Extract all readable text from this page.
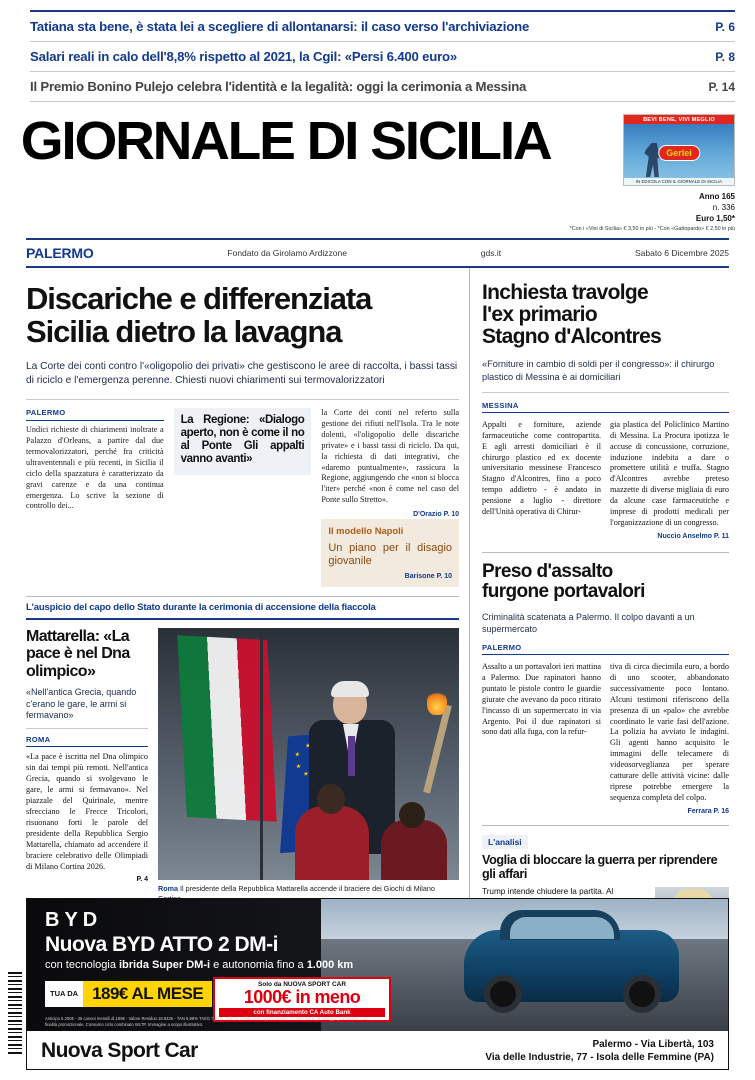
Tatiana sta bene, è stata lei a scegliere di allontanarsi: il caso verso l'archiviazione	P. 6
Salari reali in calo dell'8,8% rispetto al 2021, la Cgil: «Persi 6.400 euro»	P. 8
Il Premio Bonino Pulejo celebra l'identità e la legalità: oggi la cerimonia a Messina	P. 14
GIORNALE DI SICILIA	BEVI BENE, VIVI MEGLIO
Gerlei
IN EDICOLA CON IL GIORNALE DI SICILIA
Anno 165
n. 336
Euro 1,50*
*Con i «Vini di Sicilia» € 3,50 in più - *Con «Gattopardo» € 2,50 in più
PALERMO	Fondato da Girolamo Ardizzone	gds.it	Sabato 6 Dicembre 2025
Discariche e differenziata
Sicilia dietro la lavagna
La Corte dei conti contro l'«oligopolio dei privati» che gestiscono le aree di raccolta, i bassi tassi di riciclo e l'emergenza perenne. Chiesti nuovi chiarimenti sui termovalorizzatori
PALERMO
Undici richieste di chiarimenti inoltrate a Palazzo d'Orleans, a partire dal due termovalorizzatori, perché fra criticità ultraventennali e più recenti, in Sicilia il ciclo della spazzatura è caratterizzato da gravi carenze e da una continua emergenza. Lo scrive la sezione di controllo dei...
La Regione: «Dialogo aperto, non è come il no al Ponte Gli appalti vanno avanti»
la Corte dei conti nel referto sulla gestione dei rifiuti nell'Isola. Tra le note dolenti, «l'oligopolio delle discariche private» e i bassi tassi di riciclo. Da qui, la richiesta di dati integrativi, che «daremo puntualmente», rassicura la Regione, aggiungendo che «non si blocca l'iter» perché «non è come nel caso del Ponte sullo Stretto».
D'Orazio P. 10
Il modello Napoli
Un piano per il disagio giovanile
Barisone P. 10
L'auspicio del capo dello Stato durante la cerimonia di accensione della fiaccola
Mattarella: «La pace è nel Dna olimpico»
«Nell'antica Grecia, quando c'erano le gare, le armi si fermavano»
ROMA
«La pace è iscritta nel Dna olimpico sin dai tempi più remoti. Nell'antica Grecia, quando si svolgevano le gare, le armi si fermavano». Nel piazzale del Quirinale, mentre sfrecciano le Frecce Tricolori, risuonano forti le parole del presidente della Repubblica Sergio Mattarella, chiamato ad accendere il braciere celebrativo delle Olimpiadi di Milano Cortina 2026.
P. 4
Roma Il presidente della Repubblica Mattarella accende il braciere dei Giochi di Milano
Inchiesta travolge
l'ex primario
Stagno d'Alcontres
«Forniture in cambio di soldi per il congresso»: il chirurgo plastico di Messina è ai domiciliari
MESSINA
Appalti e forniture, aziende farmaceutiche come contropartita. E agli arresti domiciliari è il chirurgo plastico ed ex docente universitario messinese Francesco Stagno d'Alcontres, fino a poco tempo addietro - è andato in pensione a luglio - direttore dell'Unità operativa di Chirur-
gia plastica del Policlinico Martino di Messina. La Procura ipotizza le accuse di concussione, corruzione, induzione indebita a dare o promettere utilità e truffa. Stagno d'Alcontres avrebbe preteso mazzette di diverse migliaia di euro da alcune case farmaceutiche e imprese di prodotti medicali per l'organizzazione di un congresso.
Nuccio Anselmo P. 11
Preso d'assalto
furgone portavalori
Criminalità scatenata a Palermo. Il colpo davanti a un supermercato
PALERMO
Assalto a un portavalori ieri mattina a Palermo. Due rapinatori hanno puntato le pistole contro le guardie giurate che avevano da poco ritirato l'incasso di un supermercato in via Argento. Poi il due rapinatori si sono dati alla fuga, con la refur-
tiva di circa diecimila euro, a bordo di uno scooter, abbandonato successivamente poco lontano. Alcuni testimoni riferiscono della presenza di un «palo» che avrebbe coordinato le varie fasi dell'azione. La polizia ha avviato le indagini. Gli agenti hanno acquisito le immagini delle telecamere di videosorveglianza per sperare catturare delle attività vicine: dalle riprese potrebbe emergere la sequenza completa del colpo.
Ferrara P. 16
L'analisi
Voglia di bloccare la guerra per riprendere gli affari
Trump intende chiudere la partita. Al
BYD
Nuova BYD ATTO 2 DM-i
con tecnologia ibrida Super DM-i e autonomia fino a 1.000 km
TUA DA 189€ AL MESE	Solo da NUOVA SPORT CAR
1000€ in meno
con finanziamento CA Auto Bank
Anticipo 5.250€ - 35 canoni mensili di 189€ - Valore Residuo 18.842€ - TAN 5,99% TAEG 7,91%. Offerta valida salvo approvazione CA Auto Bank. Messaggio pubblicitario con finalità promozionale. Consumo ciclo combinato WLTP. Immagine a scopo illustrativo.
Nuova Sport Car	Palermo - Via Libertà, 103
Via delle Industrie, 77 - Isola delle Femmine (PA)
